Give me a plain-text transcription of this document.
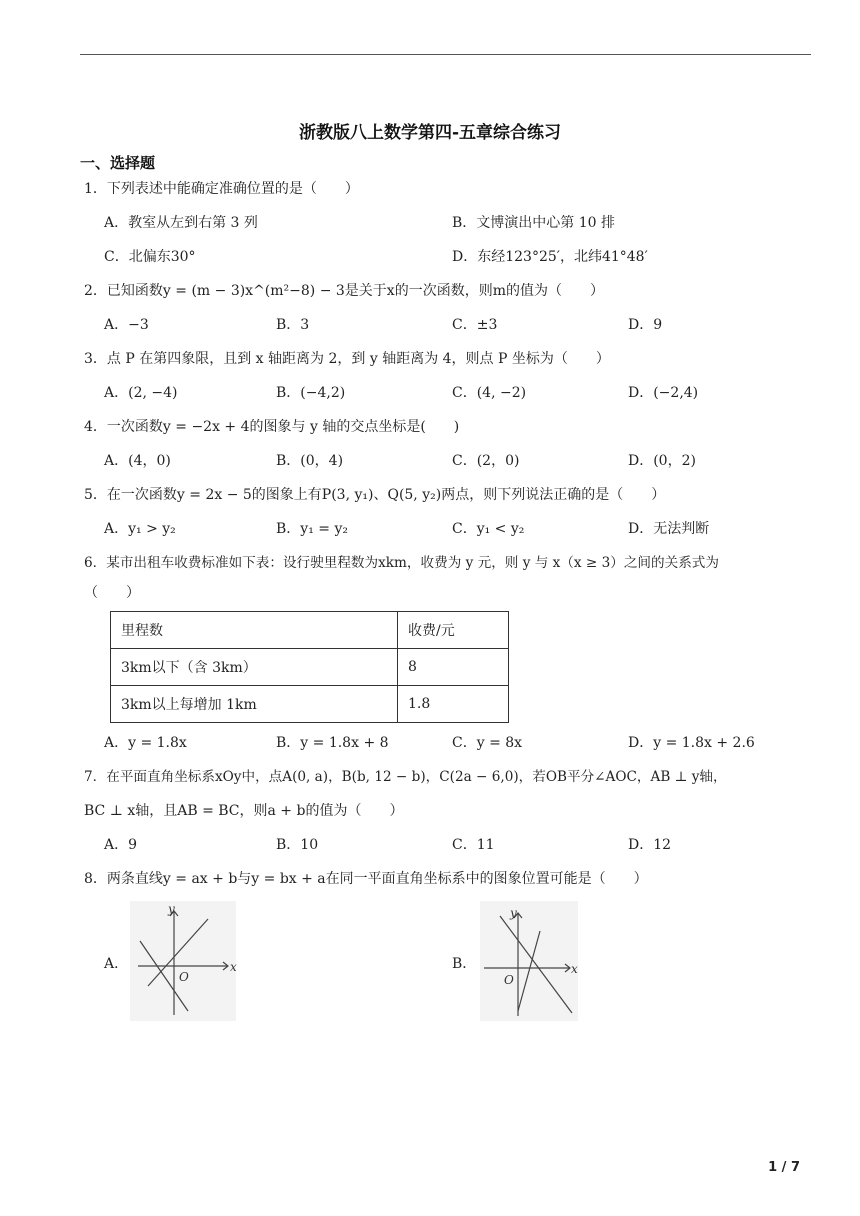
浙教版八上数学第四-五章综合练习
一、选择题
1．下列表述中能确定准确位置的是（　　）
A．教室从左到右第 3 列	B．文博演出中心第 10 排
C．北偏东30°	D．东经123°25′，北纬41°48′
2．已知函数y = (m − 3)x^(m²−8) − 3是关于x的一次函数，则m的值为（　　）
A．−3	B．3	C．±3	D．9
3．点 P 在第四象限，且到 x 轴距离为 2，到 y 轴距离为 4，则点 P 坐标为（　　）
A．(2, −4)	B．(−4,2)	C．(4, −2)	D．(−2,4)
4．一次函数y = −2x + 4的图象与 y 轴的交点坐标是(　　)
A．(4，0)	B．(0，4)	C．(2，0)	D．(0，2)
5．在一次函数y = 2x − 5的图象上有P(3, y₁)、Q(5, y₂)两点，则下列说法正确的是（　　）
A．y₁ > y₂	B．y₁ = y₂	C．y₁ < y₂	D．无法判断
6．某市出租车收费标准如下表：设行驶里程数为xkm，收费为 y 元，则 y 与 x（x ≥ 3）之间的关系式为
（　　）
里程数	收费/元
3km以下（含 3km）	8
3km以上每增加 1km	1.8
A．y = 1.8x	B．y = 1.8x + 8	C．y = 8x	D．y = 1.8x + 2.6
7．在平面直角坐标系xOy中，点A(0, a)，B(b, 12 − b)，C(2a − 6,0)，若OB平分∠AOC，AB ⊥ y轴，
BC ⊥ x轴，且AB = BC，则a + b的值为（　　）
A．9	B．10	C．11	D．12
8．两条直线y = ax + b与y = bx + a在同一平面直角坐标系中的图象位置可能是（　　）
A．	B．
x
y
O
x
y
O
1 / 7
